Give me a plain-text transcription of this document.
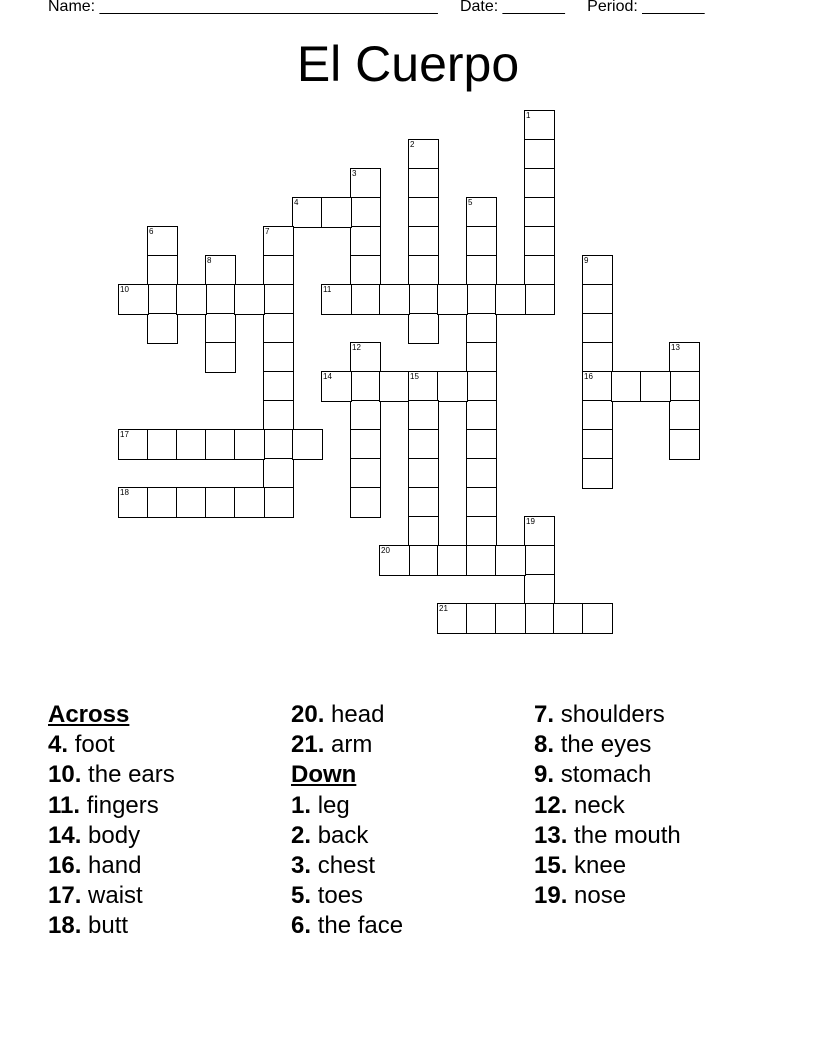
Name: ______________________________________     Date: _______     Period: _______

El Cuerpo
1
2
3
4	5
6	7
8	9
16
10	11
12	13
14	15
17
18
19
20
21
Across
4. foot
10. the ears
11. fingers
14. body
16. hand
17. waist
18. butt
20. head
21. arm
Down
1. leg
2. back
3. chest
5. toes
6. the face
7. shoulders
8. the eyes
9. stomach
12. neck
13. the mouth
15. knee
19. nose
